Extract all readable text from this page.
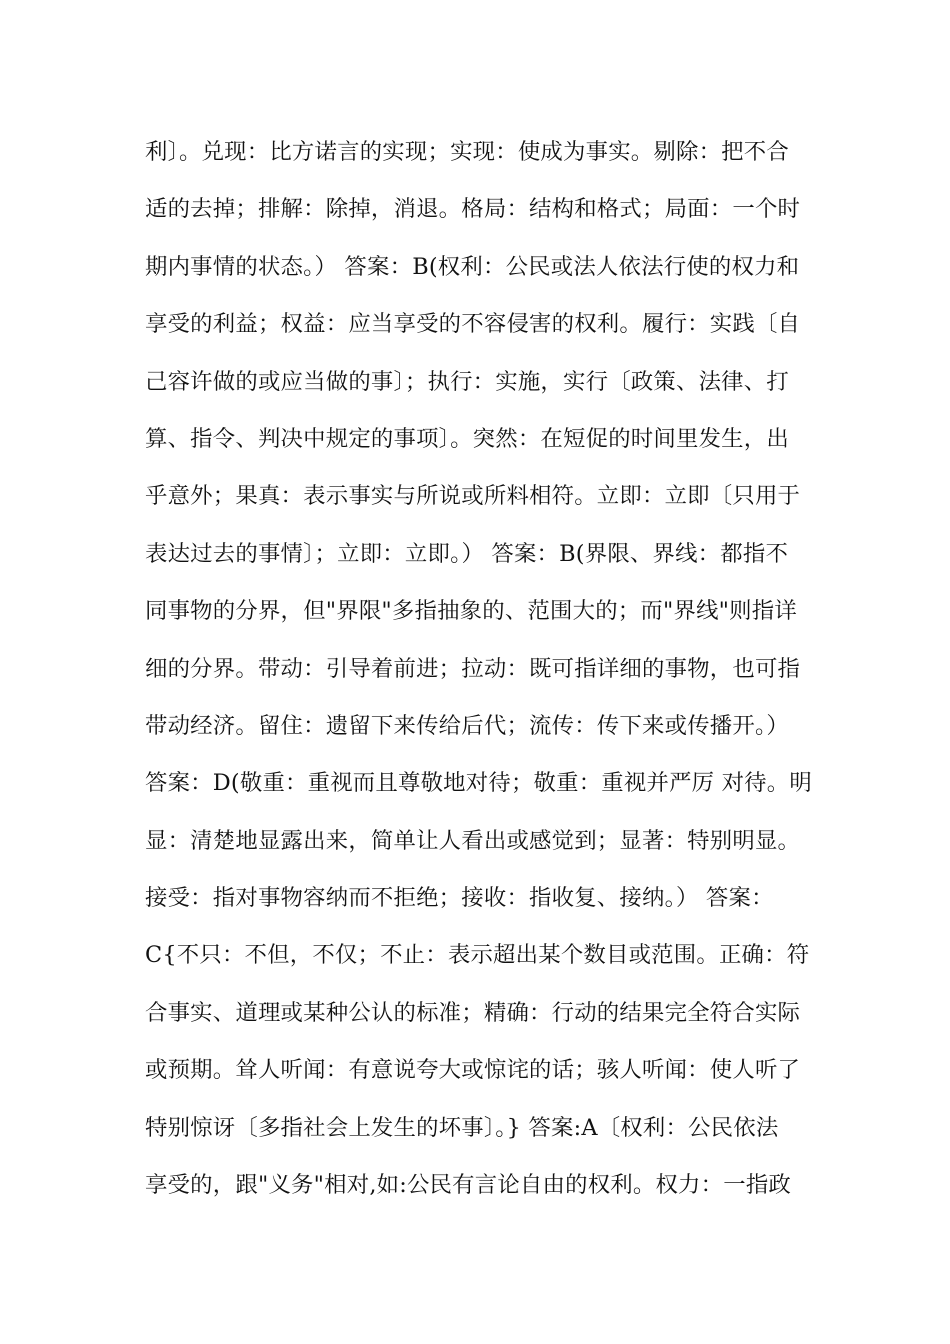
利〕。兑现：比方诺言的实现；实现：使成为事实。剔除：把不合
适的去掉；排解：除掉，消退。格局：结构和格式；局面：一个时
期内事情的状态。） 答案：B(权利：公民或法人依法行使的权力和
享受的利益；权益：应当享受的不容侵害的权利。履行：实践〔自
己容许做的或应当做的事〕；执行：实施，实行〔政策、法律、打
算、指令、判决中规定的事项〕。突然：在短促的时间里发生，出
乎意外；果真：表示事实与所说或所料相符。立即：立即〔只用于
表达过去的事情〕；立即：立即。） 答案：B(界限、界线：都指不
同事物的分界，但"界限"多指抽象的、范围大的；而"界线"则指详
细的分界。带动：引导着前进；拉动：既可指详细的事物，也可指
带动经济。留住：遗留下来传给后代；流传：传下来或传播开。）
答案：D(敬重：重视而且尊敬地对待；敬重：重视并严厉 对待。明
显：清楚地显露出来，简单让人看出或感觉到；显著：特别明显。
接受：指对事物容纳而不拒绝；接收：指收复、接纳。） 答案：
C{不只：不但，不仅；不止：表示超出某个数目或范围。正确：符
合事实、道理或某种公认的标准；精确：行动的结果完全符合实际
或预期。耸人听闻：有意说夸大或惊诧的话；骇人听闻：使人听了
特别惊讶〔多指社会上发生的坏事〕。} 答案:A〔权利：公民依法
享受的，跟"义务"相对,如:公民有言论自由的权利。权力：一指政
